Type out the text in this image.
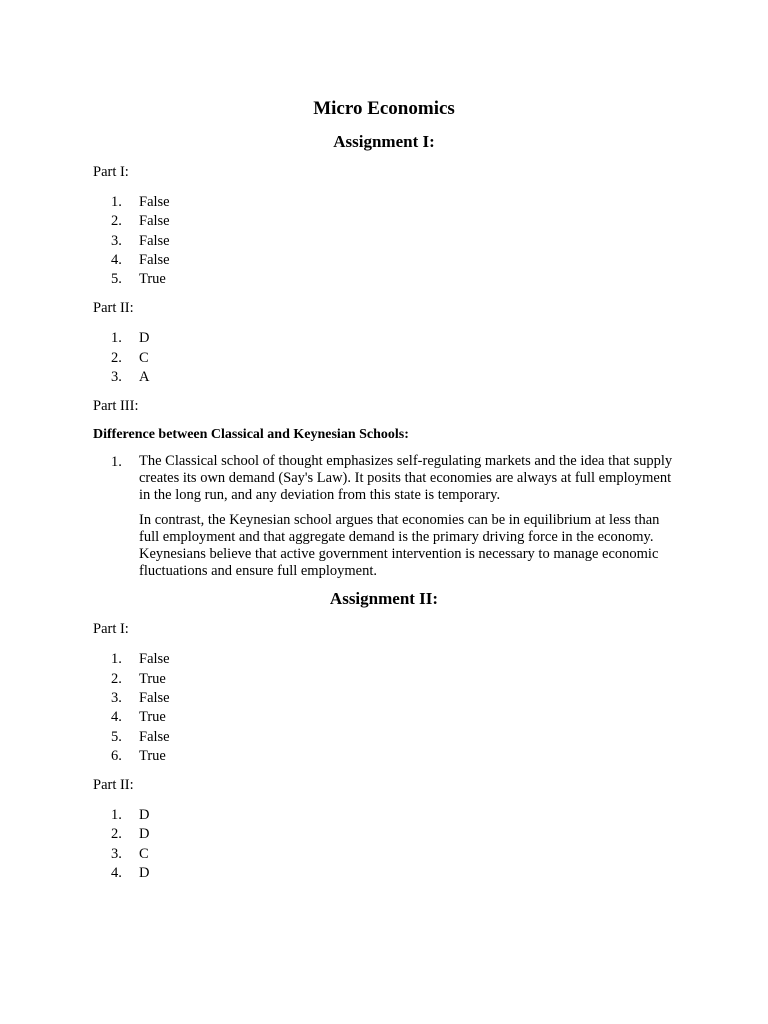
Micro Economics
Assignment I:
Part I:
1.	False
2.	False
3.	False
4.	False
5.	True
Part II:
1.	D
2.	C
3.	A
Part III:
Difference between Classical and Keynesian Schools:
1. The Classical school of thought emphasizes self-regulating markets and the idea that supply creates its own demand (Say's Law). It posits that economies are always at full employment in the long run, and any deviation from this state is temporary.

In contrast, the Keynesian school argues that economies can be in equilibrium at less than full employment and that aggregate demand is the primary driving force in the economy. Keynesians believe that active government intervention is necessary to manage economic fluctuations and ensure full employment.

Assignment II:
Part I:
1.	False
2.	True
3.	False
4.	True
5.	False
6.	True
Part II:
1.	D
2.	D
3.	C
4.	D
